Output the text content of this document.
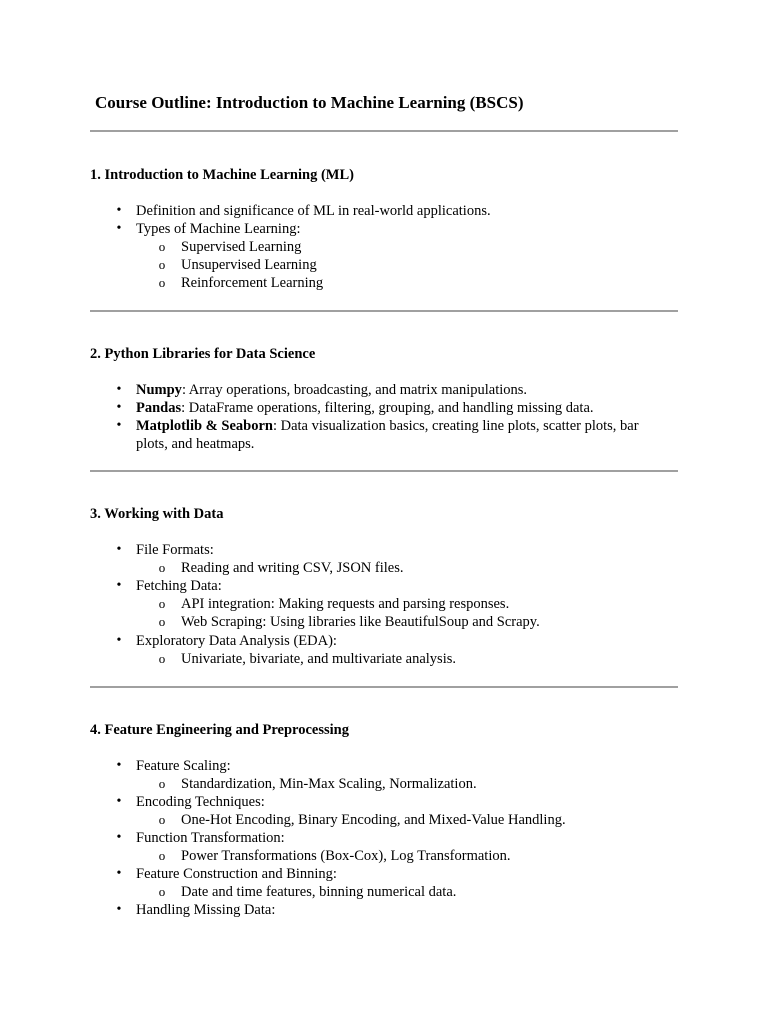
Course Outline: Introduction to Machine Learning (BSCS)
1. Introduction to Machine Learning (ML)
• Definition and significance of ML in real-world applications.
• Types of Machine Learning:
o Supervised Learning
o Unsupervised Learning
o Reinforcement Learning
2. Python Libraries for Data Science
• Numpy: Array operations, broadcasting, and matrix manipulations.
• Pandas: DataFrame operations, filtering, grouping, and handling missing data.
• Matplotlib & Seaborn: Data visualization basics, creating line plots, scatter plots, bar
plots, and heatmaps.
3. Working with Data
• File Formats:
o Reading and writing CSV, JSON files.
• Fetching Data:
o API integration: Making requests and parsing responses.
o Web Scraping: Using libraries like BeautifulSoup and Scrapy.
• Exploratory Data Analysis (EDA):
o Univariate, bivariate, and multivariate analysis.
4. Feature Engineering and Preprocessing
• Feature Scaling:
o Standardization, Min-Max Scaling, Normalization.
• Encoding Techniques:
o One-Hot Encoding, Binary Encoding, and Mixed-Value Handling.
• Function Transformation:
o Power Transformations (Box-Cox), Log Transformation.
• Feature Construction and Binning:
o Date and time features, binning numerical data.
• Handling Missing Data:
